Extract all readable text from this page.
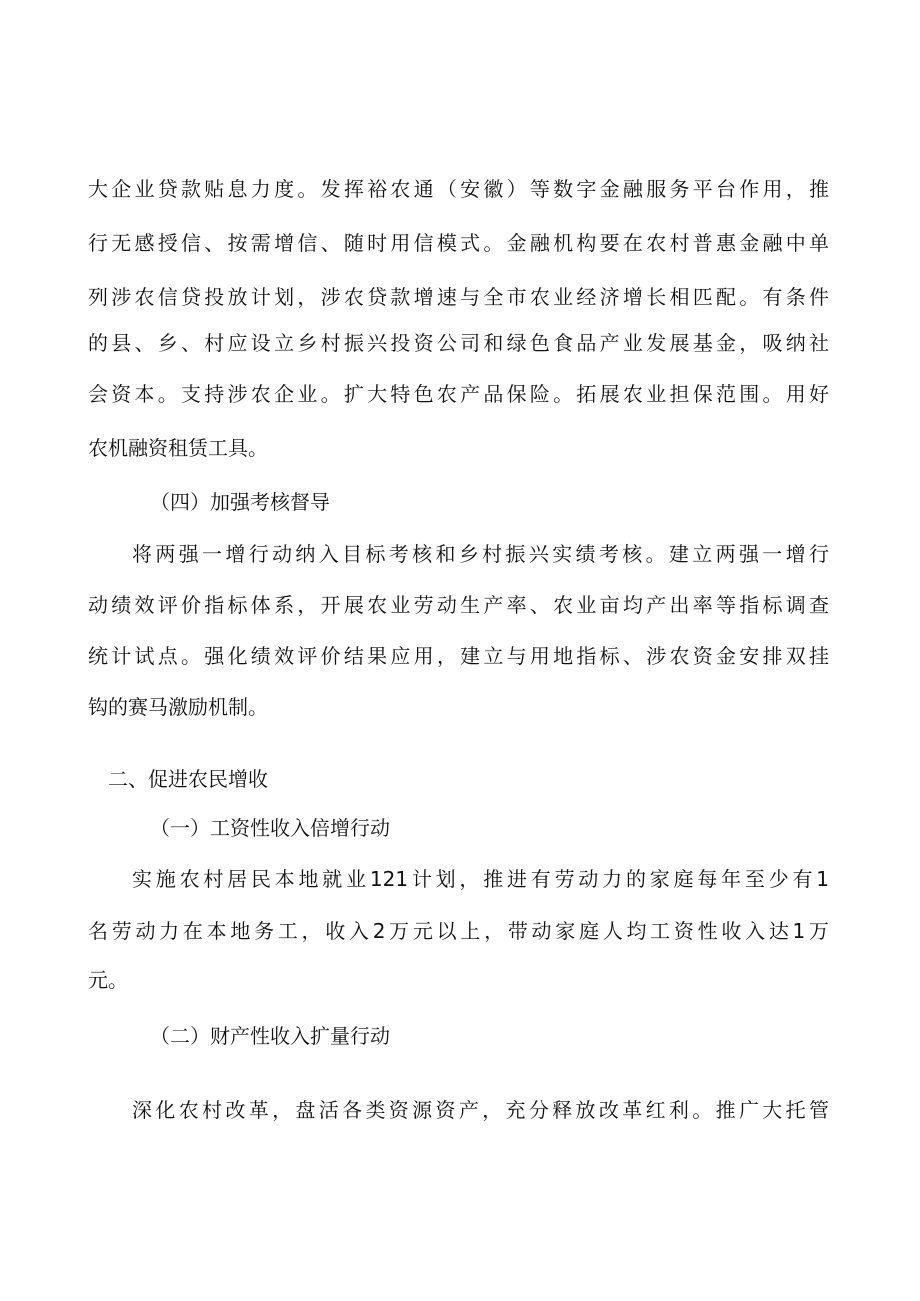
大企业贷款贴息力度。发挥裕农通（安徽）等数字金融服务平台作用，推
行无感授信、按需增信、随时用信模式。金融机构要在农村普惠金融中单
列涉农信贷投放计划，涉农贷款增速与全市农业经济增长相匹配。有条件
的县、乡、村应设立乡村振兴投资公司和绿色食品产业发展基金，吸纳社
会资本。支持涉农企业。扩大特色农产品保险。拓展农业担保范围。用好
农机融资租赁工具。
（四）加强考核督导
将两强一增行动纳入目标考核和乡村振兴实绩考核。建立两强一增行
动绩效评价指标体系，开展农业劳动生产率、农业亩均产出率等指标调查
统计试点。强化绩效评价结果应用，建立与用地指标、涉农资金安排双挂
钩的赛马激励机制。
二、促进农民增收
（一）工资性收入倍增行动
实施农村居民本地就业121计划，推进有劳动力的家庭每年至少有1
名劳动力在本地务工，收入2万元以上，带动家庭人均工资性收入达1万
元。
（二）财产性收入扩量行动
深化农村改革，盘活各类资源资产，充分释放改革红利。推广大托管
